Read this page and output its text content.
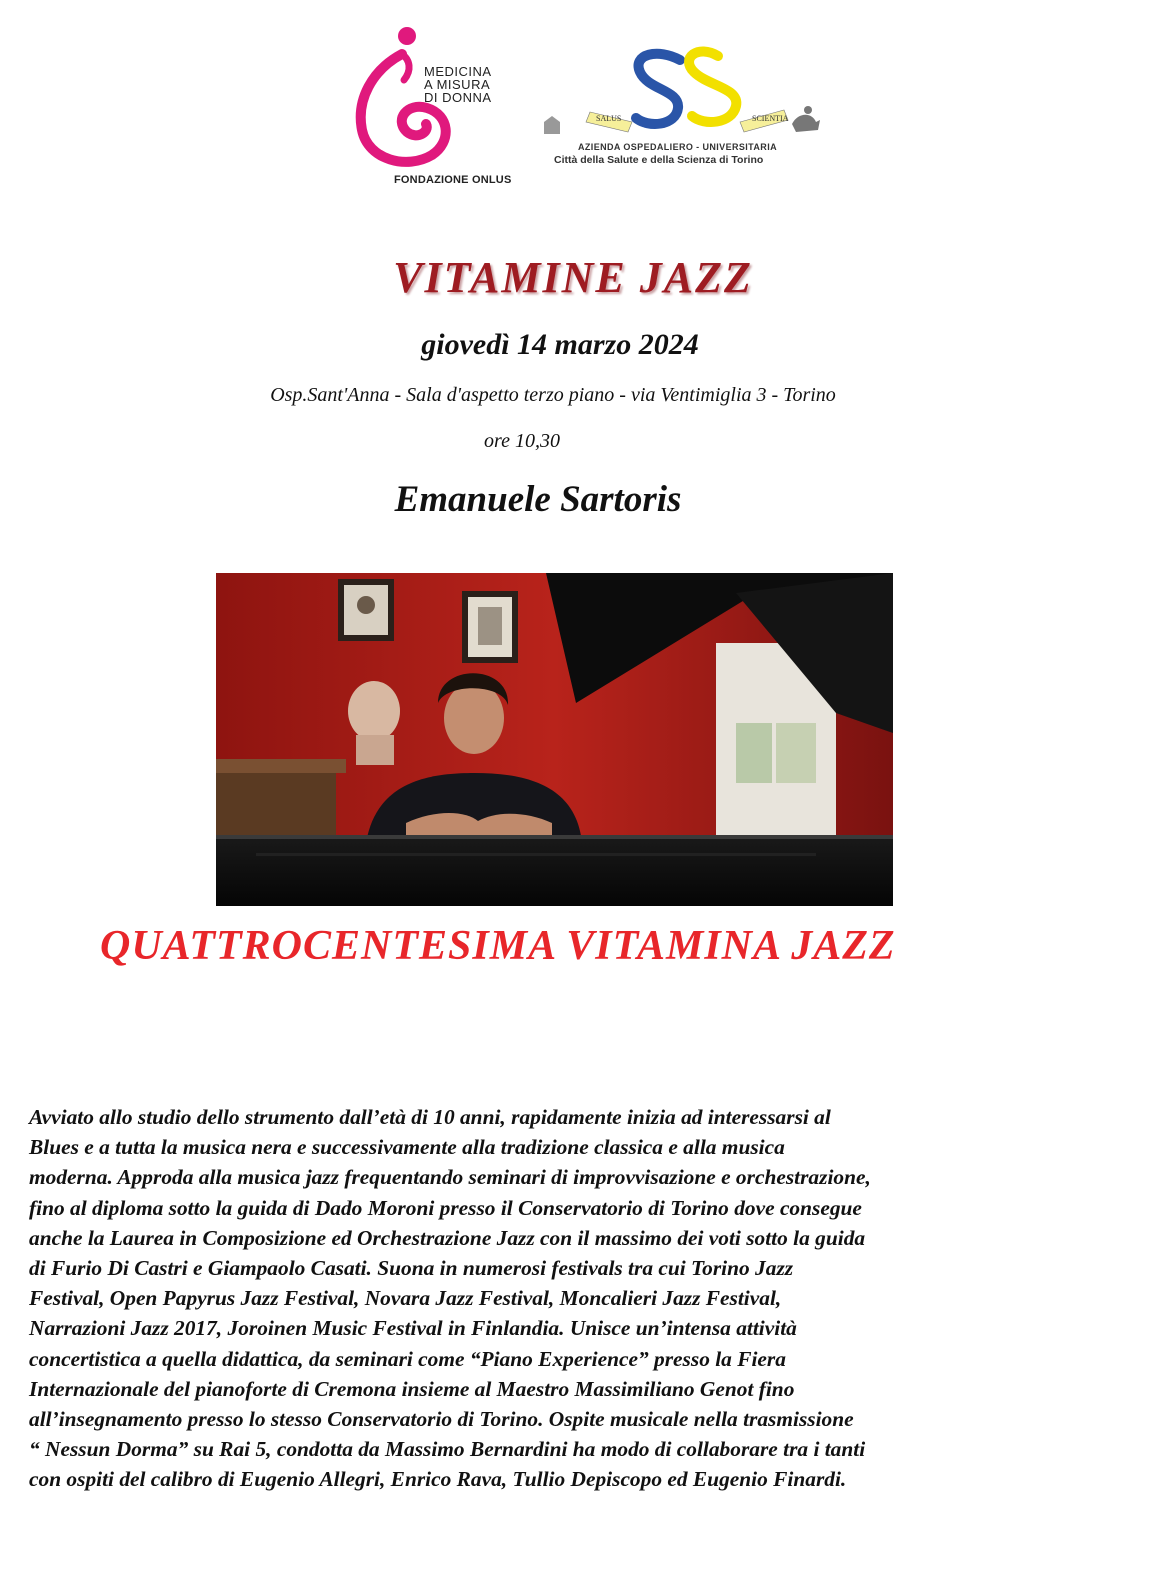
MEDICINA
A MISURA
DI DONNA
FONDAZIONE ONLUS
SALUS	SCIENTIA
AZIENDA OSPEDALIERO - UNIVERSITARIA
Città della Salute e della Scienza di Torino
VITAMINE JAZZ
giovedì 14 marzo 2024
Osp.Sant'Anna - Sala d'aspetto terzo piano - via Ventimiglia 3 - Torino
ore 10,30
Emanuele Sartoris
QUATTROCENTESIMA VITAMINA JAZZ
Avviato allo studio dello strumento dall’età di 10 anni, rapidamente inizia ad interessarsi al
Blues e a tutta la musica nera e successivamente alla tradizione classica e alla musica
moderna. Approda alla musica jazz frequentando seminari di improvvisazione e orchestrazione,
fino al diploma sotto la guida di Dado Moroni presso il Conservatorio di Torino dove consegue
anche la Laurea in Composizione ed Orchestrazione Jazz con il massimo dei voti sotto la guida
di Furio Di Castri e Giampaolo Casati. Suona in numerosi festivals tra cui Torino Jazz
Festival, Open Papyrus Jazz Festival, Novara Jazz Festival, Moncalieri Jazz Festival,
Narrazioni Jazz 2017, Joroinen Music Festival in Finlandia. Unisce un’intensa attività
concertistica a quella didattica, da seminari come “Piano Experience” presso la Fiera
Internazionale del pianoforte di Cremona insieme al Maestro Massimiliano Genot fino
all’insegnamento presso lo stesso Conservatorio di Torino. Ospite musicale nella trasmissione
“ Nessun Dorma” su Rai 5, condotta da Massimo Bernardini ha modo di collaborare tra i tanti
con ospiti del calibro di Eugenio Allegri, Enrico Rava, Tullio Depiscopo ed Eugenio Finardi.
